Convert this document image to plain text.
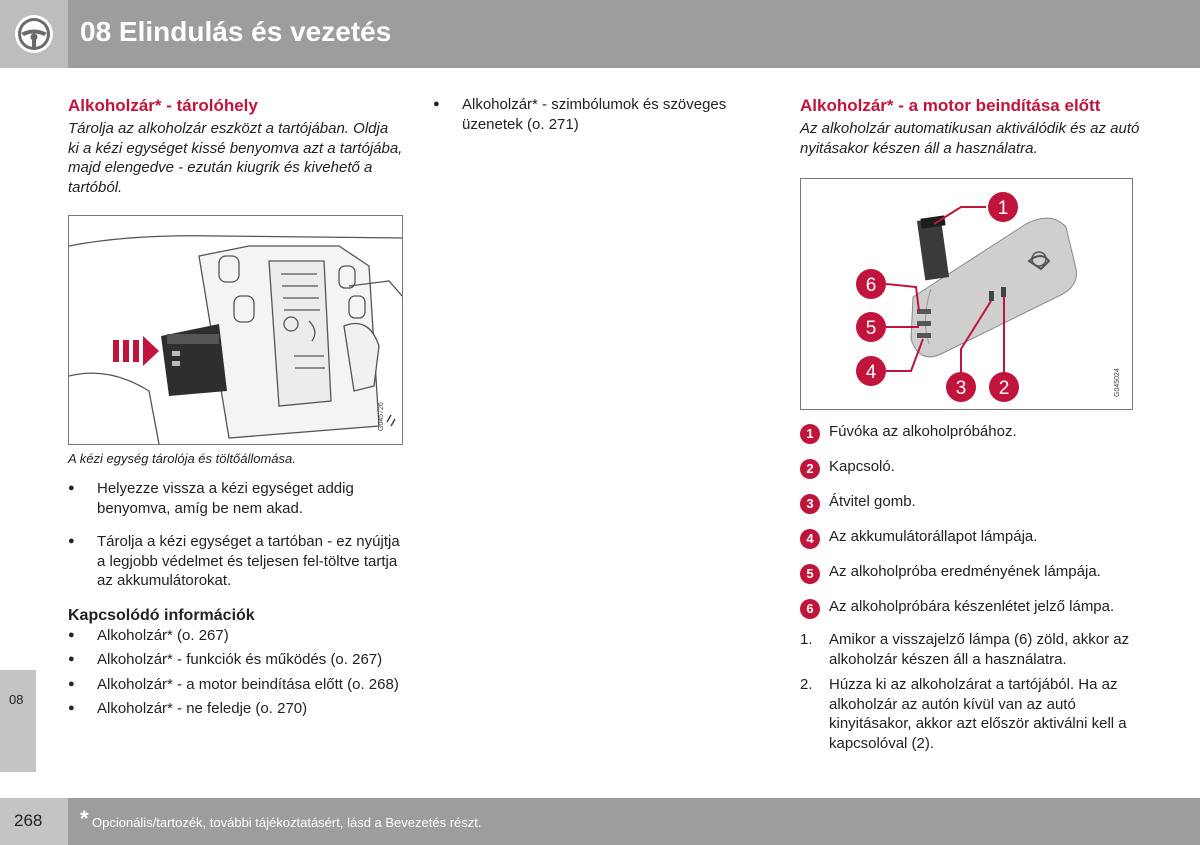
08 Elindulás és vezetés
08
Alkoholzár* - tárolóhely

Tárolja az alkoholzár eszközt a tartójában. Oldja ki a kézi egységet kissé benyomva azt a tartójába, majd elengedve - ezután kiugrik és kivehető a tartóból.

G045726

A kézi egység tárolója és töltőállomása.

● Helyezze vissza a kézi egységet addig benyomva, amíg be nem akad.
● Tárolja a kézi egységet a tartóban - ez nyújtja a legjobb védelmet és teljesen fel-töltve tartja az akkumulátorokat.
Kapcsolódó információk
● Alkoholzár* (o. 267)
● Alkoholzár* - funkciók és működés (o. 267)
● Alkoholzár* - a motor beindítása előtt (o. 268)
● Alkoholzár* - ne feledje (o. 270)
● Alkoholzár* - szimbólumok és szöveges üzenetek (o. 271)
Alkoholzár* - a motor beindítása előtt

Az alkoholzár automatikusan aktiválódik és az autó nyitásakor készen áll a használatra.

1
2
3
4
5
6
G045024
1	Fúvóka az alkoholpróbához.
2	Kapcsoló.
3	Átvitel gomb.
4	Az akkumulátorállapot lámpája.
5	Az alkoholpróba eredményének lámpája.
6	Az alkoholpróbára készenlétet jelző lámpa.
1.	Amikor a visszajelző lámpa (6) zöld, akkor az alkoholzár készen áll a használatra.
2.	Húzza ki az alkoholzárat a tartójából. Ha az alkoholzár az autón kívül van az autó kinyitásakor, akkor azt először aktiválni kell a kapcsolóval (2).
268 * Opcionális/tartozék, további tájékoztatásért, lásd a Bevezetés részt.
